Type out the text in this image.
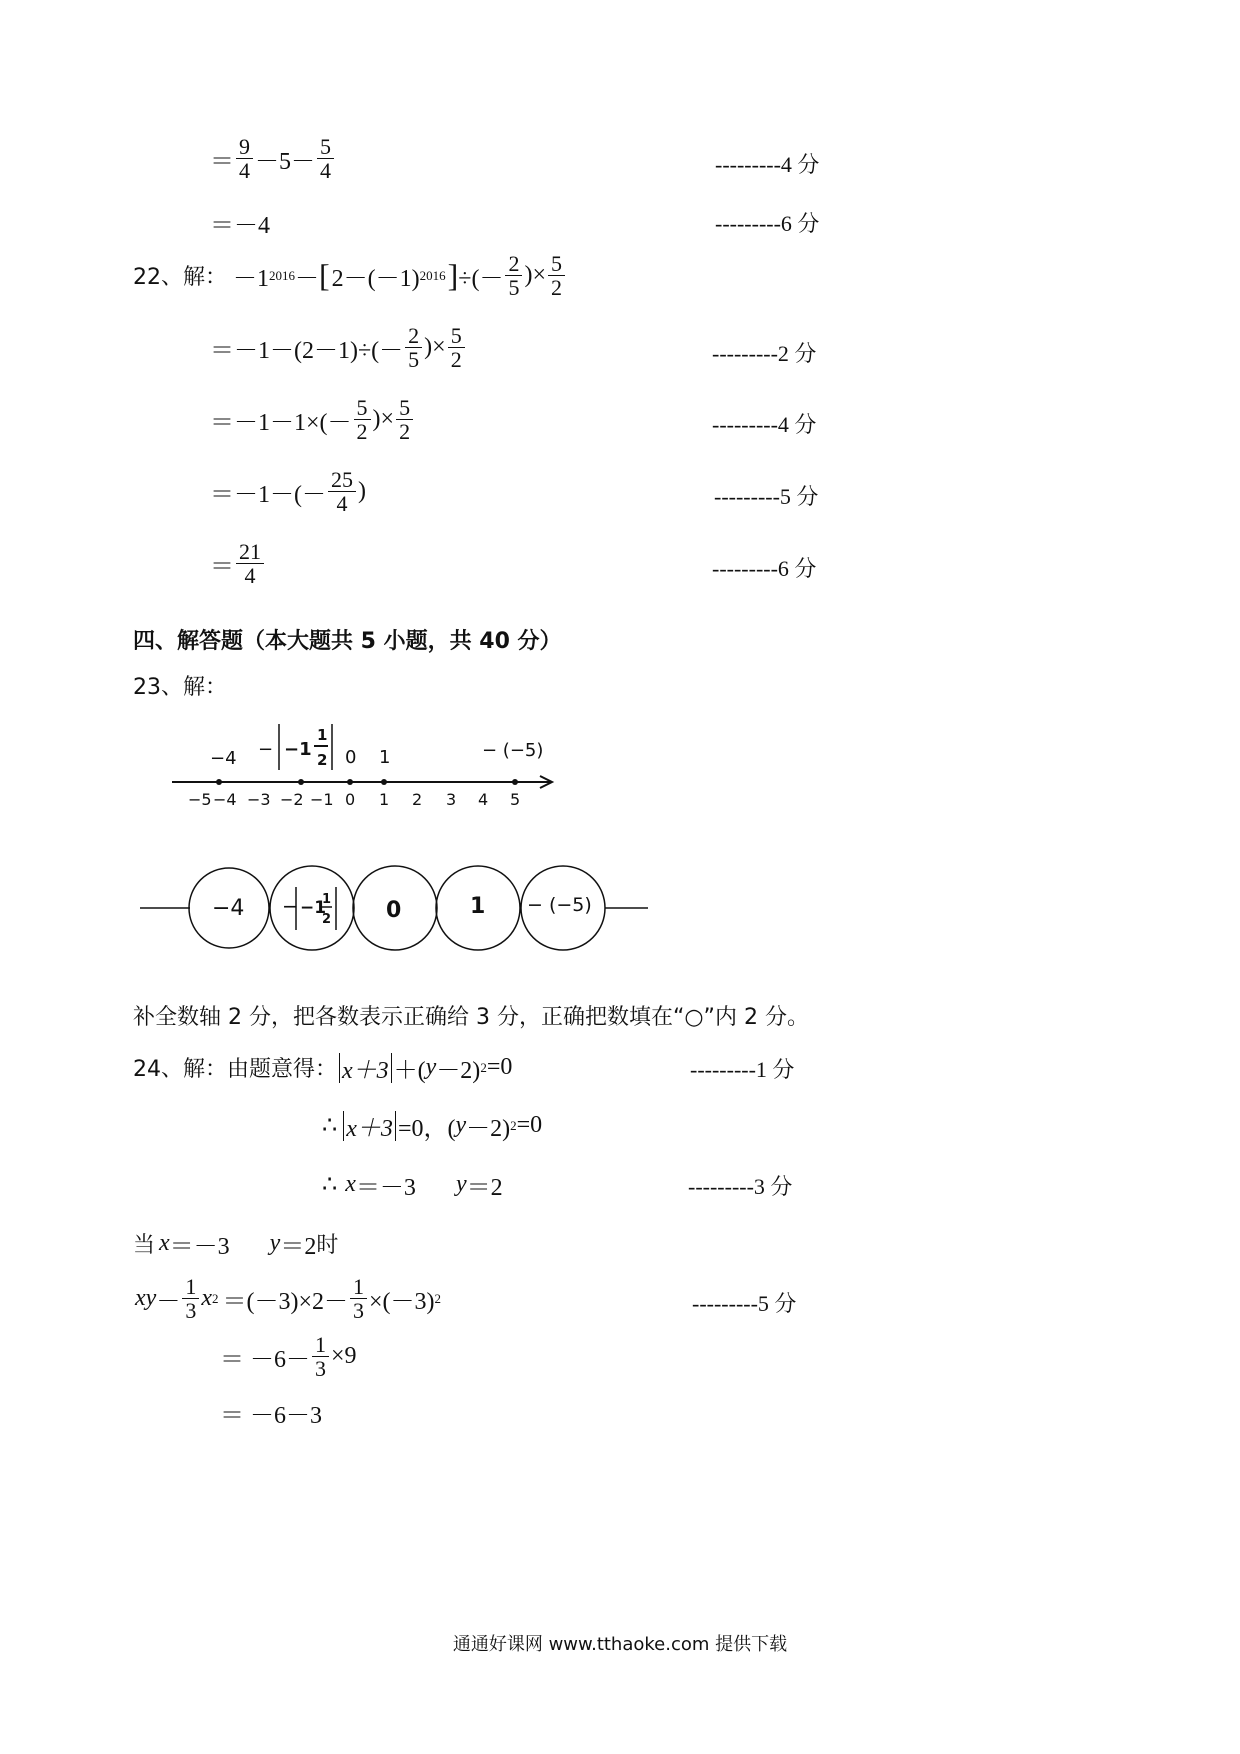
＝ $\frac{9}{4} -5- \frac{5}{4}$	---------4 分
＝－4	---------6 分
22、解： －1 2016 － [ 2－(－1) 2016 ] ÷(－ $\frac{2}{5}$ )× $\frac{5}{2}$
$=-1-(2-1)\div(- \frac{2}{5}$ )× $\frac{5}{2}$	---------2 分
$=-1-1\times(- \frac{5}{2}$ )× $\frac{5}{2}$	---------4 分
$=-1-(- \frac{25}{4}$ )	---------5 分
＝ $\frac{21}{4}$	---------6 分
四、解答题（本大题共 5 小题，共 40 分）
23、解：
−5 −4 −3 −2 −1 0 1 2 3 4 5
−4 − −1
1
2 0 1	− (−5)
−4 − −1
1
2 0	1 − (−5)
补全数轴 2 分，把各数表示正确给 3 分，正确把数填在“○”内 2 分。
24、解：由题意得： x＋3 ＋( y －2) 2 =0	---------1 分
∴ x＋3 =0，( y －2) 2 =0
∴ x ＝－3 y ＝2	---------3 分
当 x ＝－3 y ＝2 时
xy － $\frac{1}{3}$ x $2 =(-3)\times 2- \frac{1}{3} \times(-3)$ 2	---------5 分
＝ $-6- \frac{1}{3} \times 9$
＝ －6－3
通通好课网 www.tthaoke.com 提供下载
